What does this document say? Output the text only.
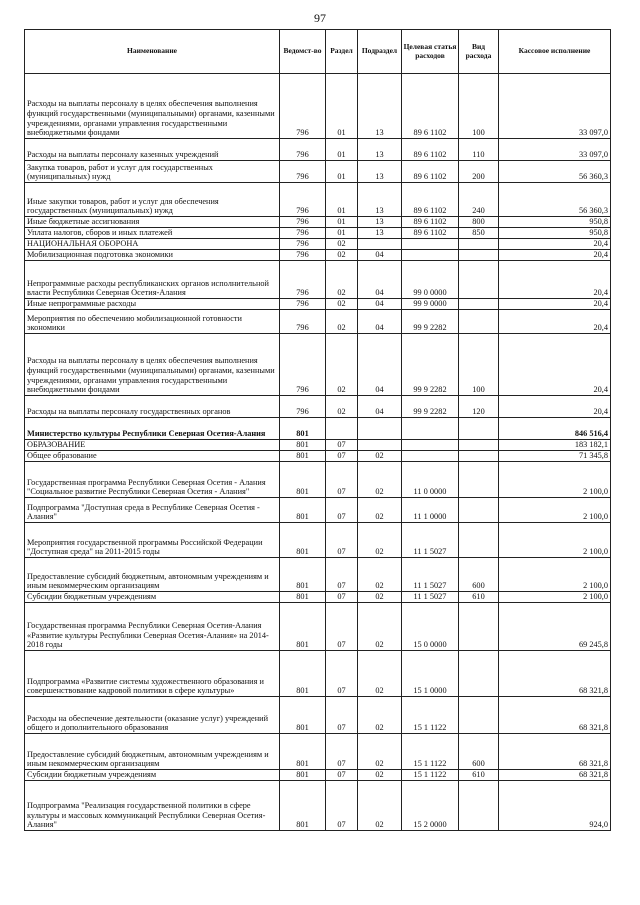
97
Наименование	Ведомст-во	Раздел	Подраздел	Целевая статья расходов	Вид расхода	Кассовое исполнение
Расходы на выплаты персоналу в целях обеспечения выполнения функций государственными (муниципальными) органами, казенными учреждениями, органами управления государственными внебюджетными фондами	796	01	13	89 6 1102	100	33 097,0
Расходы на выплаты персоналу казенных учреждений	796	01	13	89 6 1102	110	33 097,0
Закупка товаров, работ и услуг для государственных (муниципальных) нужд	796	01	13	89 6 1102	200	56 360,3
Иные закупки товаров, работ и услуг для обеспечения государственных (муниципальных) нужд	796	01	13	89 6 1102	240	56 360,3
Иные бюджетные ассигнования	796	01	13	89 6 1102	800	950,8
Уплата налогов, сборов и иных платежей	796	01	13	89 6 1102	850	950,8
НАЦИОНАЛЬНАЯ ОБОРОНА	796	02				20,4
Мобилизационная подготовка экономики	796	02	04			20,4
Непрограммные расходы республиканских органов исполнительной власти Республики Северная Осетия-Алания	796	02	04	99 0 0000		20,4
Иные непрограммные расходы	796	02	04	99 9 0000		20,4
Мероприятия по обеспечению мобилизационной готовности экономики	796	02	04	99 9 2282		20,4
Расходы на выплаты персоналу в целях обеспечения выполнения функций государственными (муниципальными) органами, казенными учреждениями, органами управления государственными внебюджетными фондами	796	02	04	99 9 2282	100	20,4
Расходы на выплаты персоналу государственных органов	796	02	04	99 9 2282	120	20,4
Министерство культуры Республики Северная Осетия-Алания	801					846 516,4
ОБРАЗОВАНИЕ	801	07				183 182,1
Общее образование	801	07	02			71 345,8
Государственная программа Республики Северная Осетия - Алания "Социальное развитие Республики Северная Осетия - Алания"	801	07	02	11 0 0000		2 100,0
Подпрограмма "Доступная среда в Республике Северная Осетия - Алания"	801	07	02	11 1 0000		2 100,0
Мероприятия государственной программы Российской Федерации "Доступная среда" на 2011-2015 годы	801	07	02	11 1 5027		2 100,0
Предоставление субсидий бюджетным, автономным учреждениям и иным некоммерческим организациям	801	07	02	11 1 5027	600	2 100,0
Субсидии бюджетным учреждениям	801	07	02	11 1 5027	610	2 100,0
Государственная программа Республики Северная Осетия-Алания «Развитие культуры Республики Северная Осетия-Алания» на 2014-2018 годы	801	07	02	15 0 0000		69 245,8
Подпрограмма «Развитие системы художественного образования и совершенствование кадровой политики в сфере культуры»	801	07	02	15 1 0000		68 321,8
Расходы на обеспечение деятельности (оказание услуг) учреждений общего и дополнительного образования	801	07	02	15 1 1122		68 321,8
Предоставление субсидий бюджетным, автономным учреждениям и иным некоммерческим организациям	801	07	02	15 1 1122	600	68 321,8
Субсидии бюджетным учреждениям	801	07	02	15 1 1122	610	68 321,8
Подпрограмма "Реализация государственной политики в сфере культуры и массовых коммуникаций Республики Северная Осетия-Алания"	801	07	02	15 2 0000		924,0
